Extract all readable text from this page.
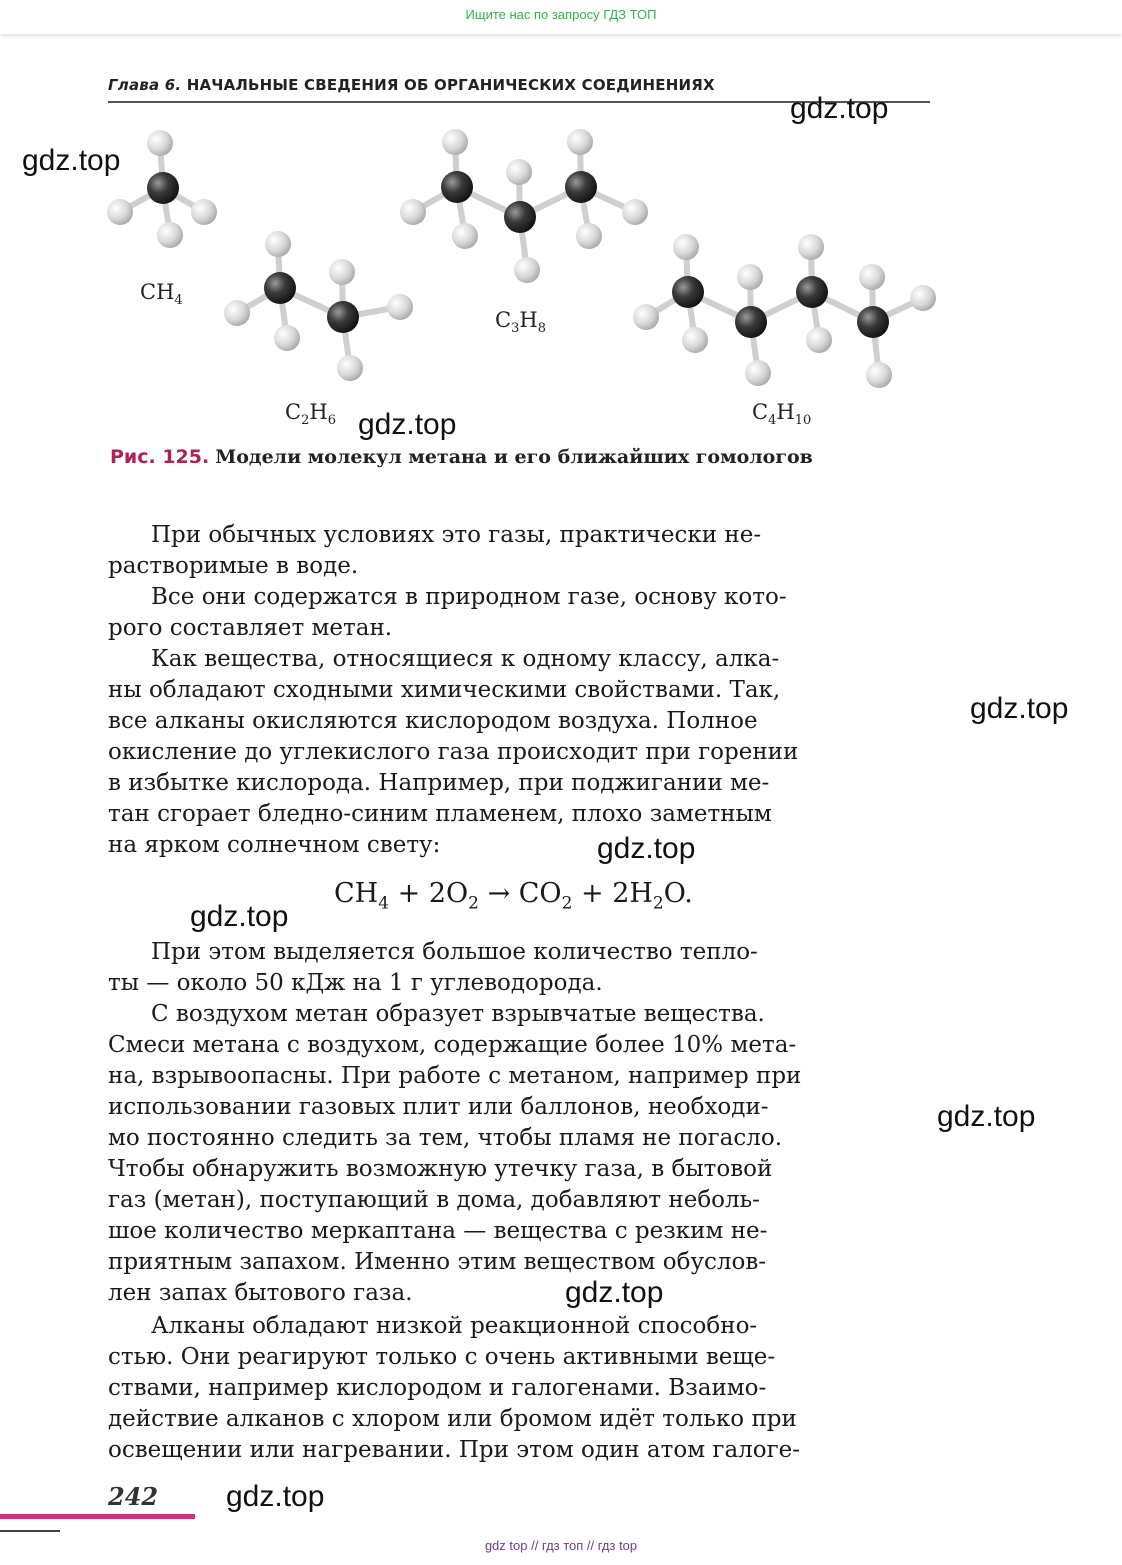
Ищите нас по запросу ГДЗ ТОП
Глава 6. НАЧАЛЬНЫЕ СВЕДЕНИЯ ОБ ОРГАНИЧЕСКИХ СОЕДИНЕНИЯХ
$CH_4$
$C_2H_6$
$C_3H_8$
$C_4H_{10}$
Рис. 125. Модели молекул метана и его ближайших гомологов
При обычных условиях это газы, практически не-
растворимые в воде.
Все они содержатся в природном газе, основу кото-
рого составляет метан.
Как вещества, относящиеся к одному классу, алка-
ны обладают сходными химическими свойствами. Так,
все алканы окисляются кислородом воздуха. Полное
окисление до углекислого газа происходит при горении
в избытке кислорода. Например, при поджигании ме-
тан сгорает бледно-синим пламенем, плохо заметным
на ярком солнечном свету:
$CH_4 + 2O_2 \to CO_2 + 2H_2O$.
При этом выделяется большое количество тепло-
ты — около 50 кДж на 1 г углеводорода.
С воздухом метан образует взрывчатые вещества.
Смеси метана с воздухом, содержащие более 10% мета-
на, взрывоопасны. При работе с метаном, например при
использовании газовых плит или баллонов, необходи-
мо постоянно следить за тем, чтобы пламя не погасло.
Чтобы обнаружить возможную утечку газа, в бытовой
газ (метан), поступающий в дома, добавляют неболь-
шое количество меркаптана — вещества с резким не-
приятным запахом. Именно этим веществом обуслов-
лен запах бытового газа.
Алканы обладают низкой реакционной способно-
стью. Они реагируют только с очень активными веще-
ствами, например кислородом и галогенами. Взаимо-
действие алканов с хлором или бромом идёт только при
освещении или нагревании. При этом один атом галоге-
242
gdz.top
gdz.top
gdz.top
gdz.top
gdz.top
gdz.top
gdz.top
gdz.top
gdz.top
gdz top // гдз топ // гдз top
